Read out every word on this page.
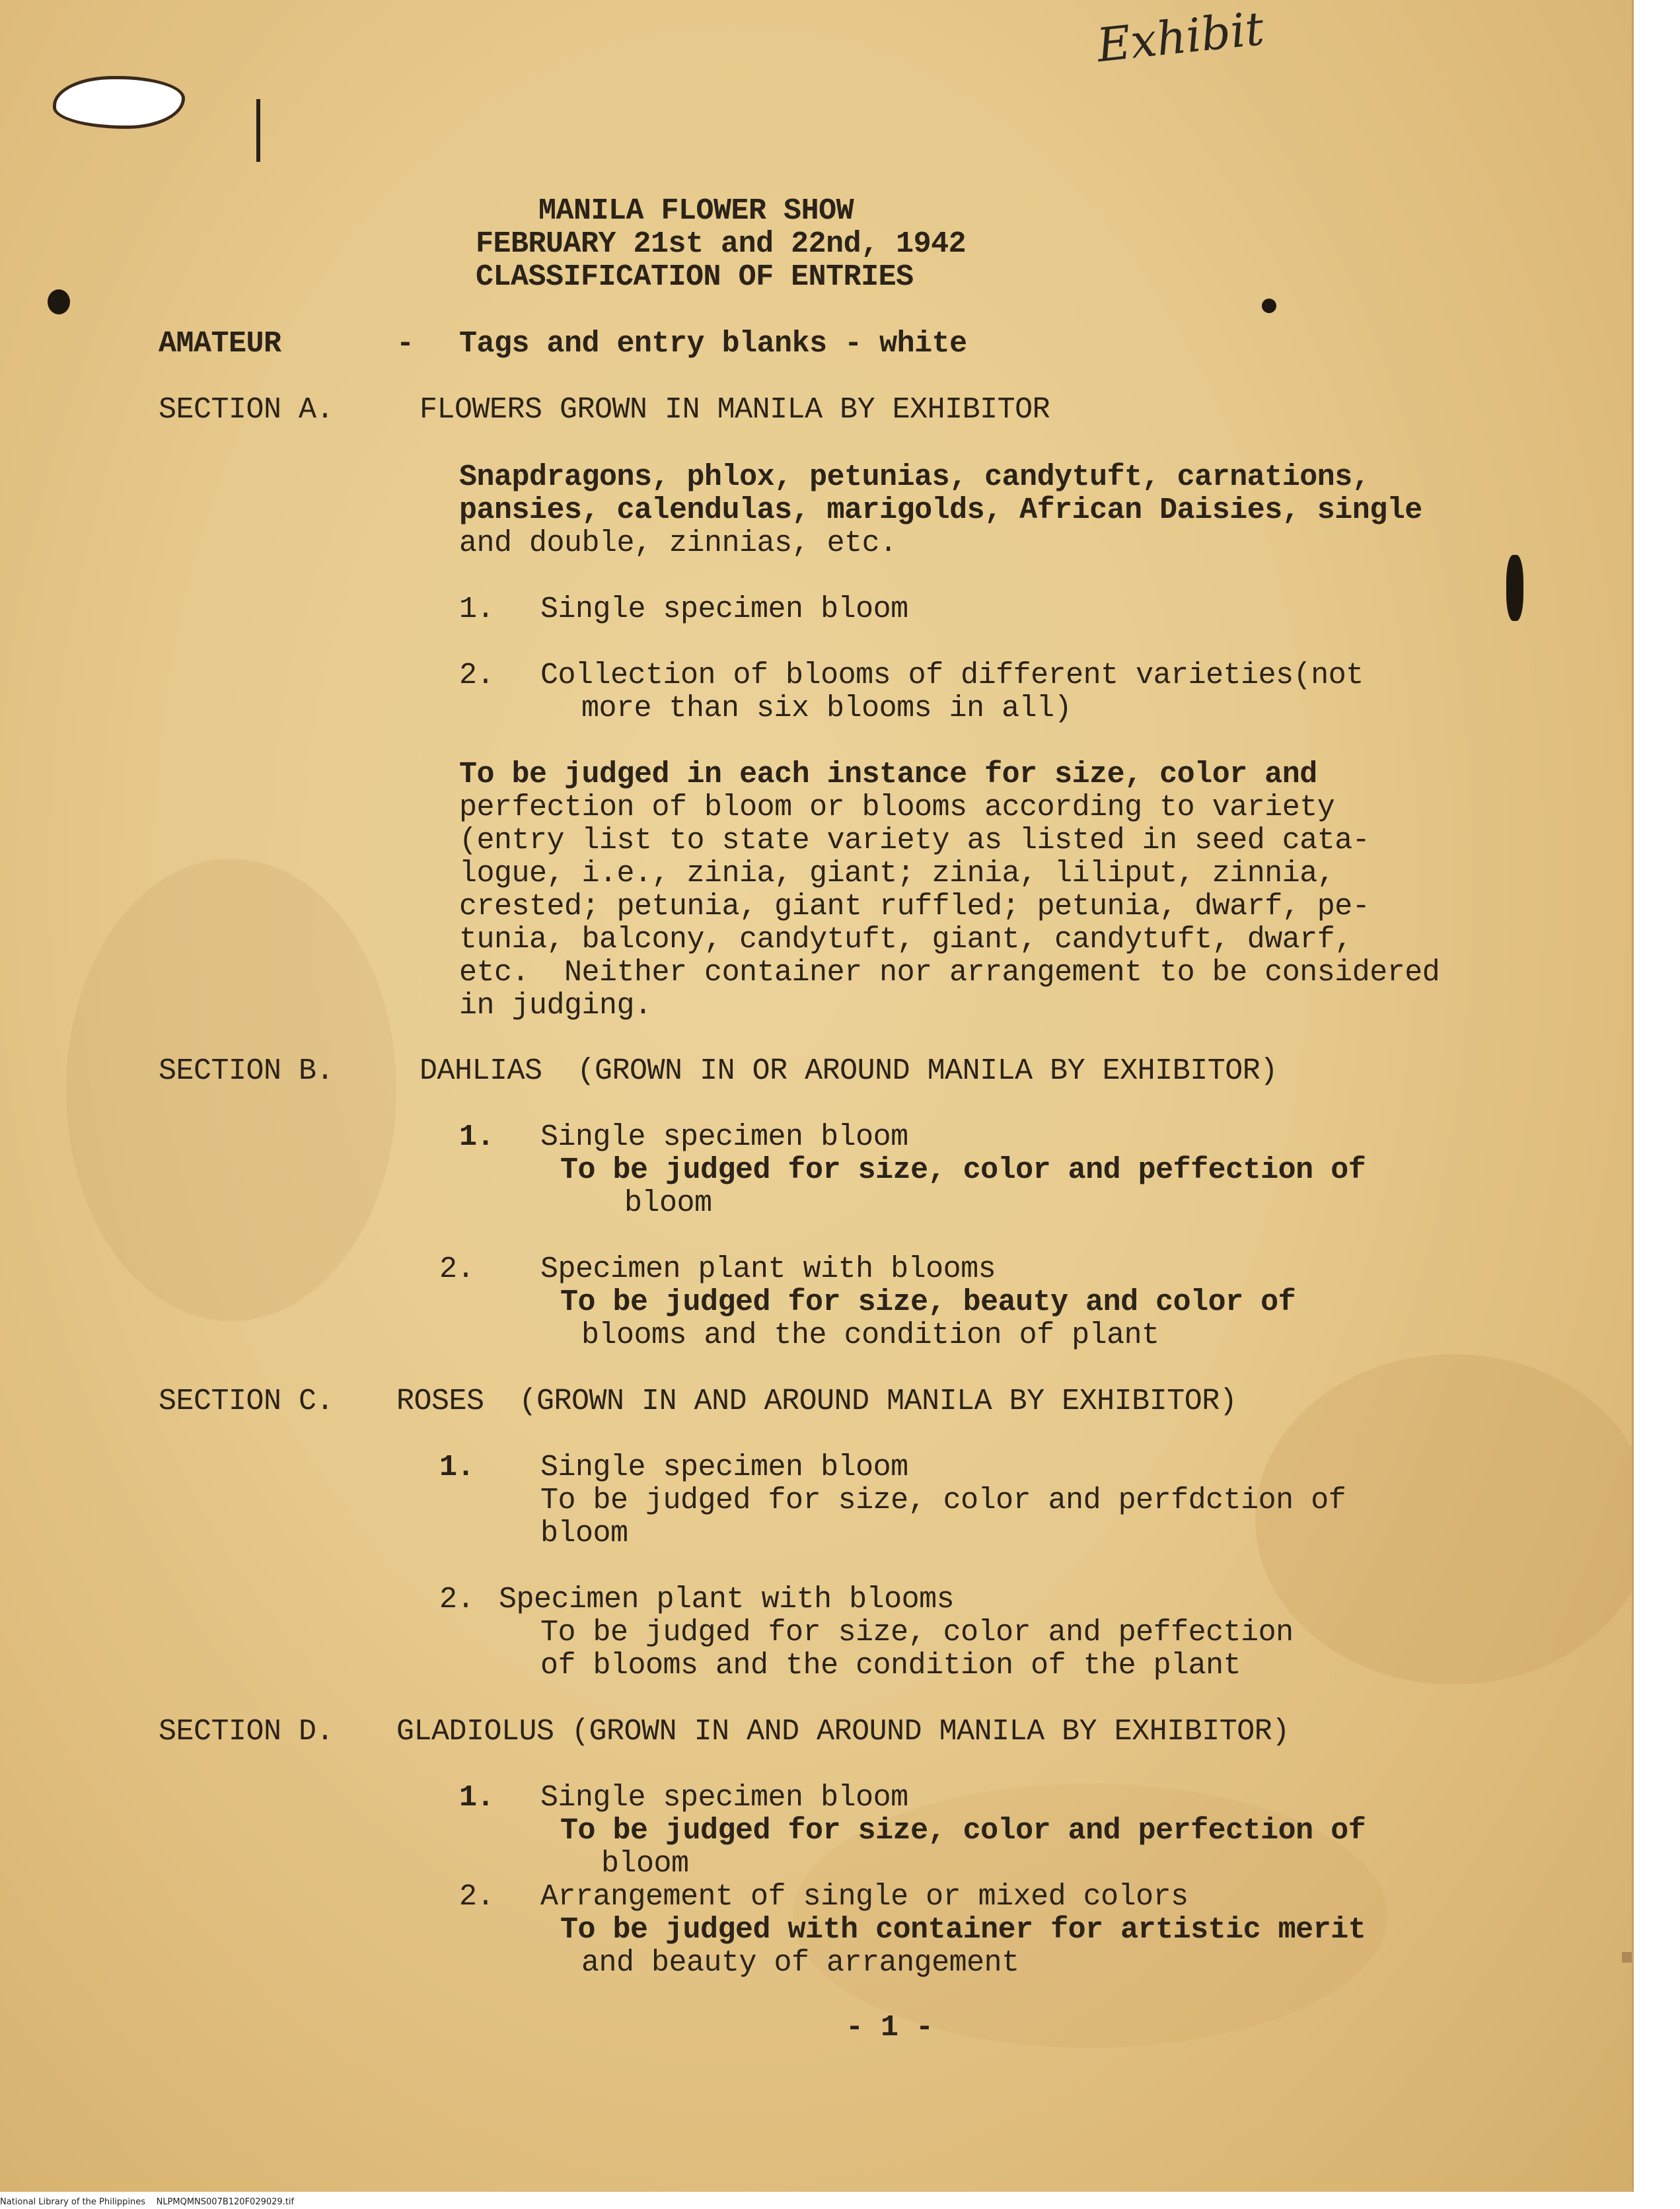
Exhibit

MANILA FLOWER SHOW

FEBRUARY 21st and 22nd, 1942

CLASSIFICATION OF ENTRIES

AMATEUR	- Tags and entry blanks - white

SECTION A.	FLOWERS GROWN IN MANILA BY EXHIBITOR

Snapdragons, phlox, petunias, candytuft, carnations,

pansies, calendulas, marigolds, African Daisies, single

and double, zinnias, etc.

1. Single specimen bloom

2. Collection of blooms of different varieties(not

more than six blooms in all)

To be judged in each instance for size, color and

perfection of bloom or blooms according to variety

(entry list to state variety as listed in seed cata-

logue, i.e., zinia, giant; zinia, liliput, zinnia,

crested; petunia, giant ruffled; petunia, dwarf, pe-

tunia, balcony, candytuft, giant, candytuft, dwarf,

etc.  Neither container nor arrangement to be considered

in judging.

SECTION B.	DAHLIAS  (GROWN IN OR AROUND MANILA BY EXHIBITOR)

1. Single specimen bloom

To be judged for size, color and peffection of

bloom

2. Specimen plant with blooms

To be judged for size, beauty and color of

blooms and the condition of plant

SECTION C. ROSES  (GROWN IN AND AROUND MANILA BY EXHIBITOR)

1. Single specimen bloom

To be judged for size, color and perfdction of

bloom

2. Specimen plant with blooms

To be judged for size, color and peffection

of blooms and the condition of the plant

SECTION D. GLADIOLUS (GROWN IN AND AROUND MANILA BY EXHIBITOR)

1. Single specimen bloom

To be judged for size, color and perfection of

bloom

2. Arrangement of single or mixed colors

To be judged with container for artistic merit

and beauty of arrangement

- 1 -

National Library of the Philippines    NLPMQMNS007B120F029029.tif
